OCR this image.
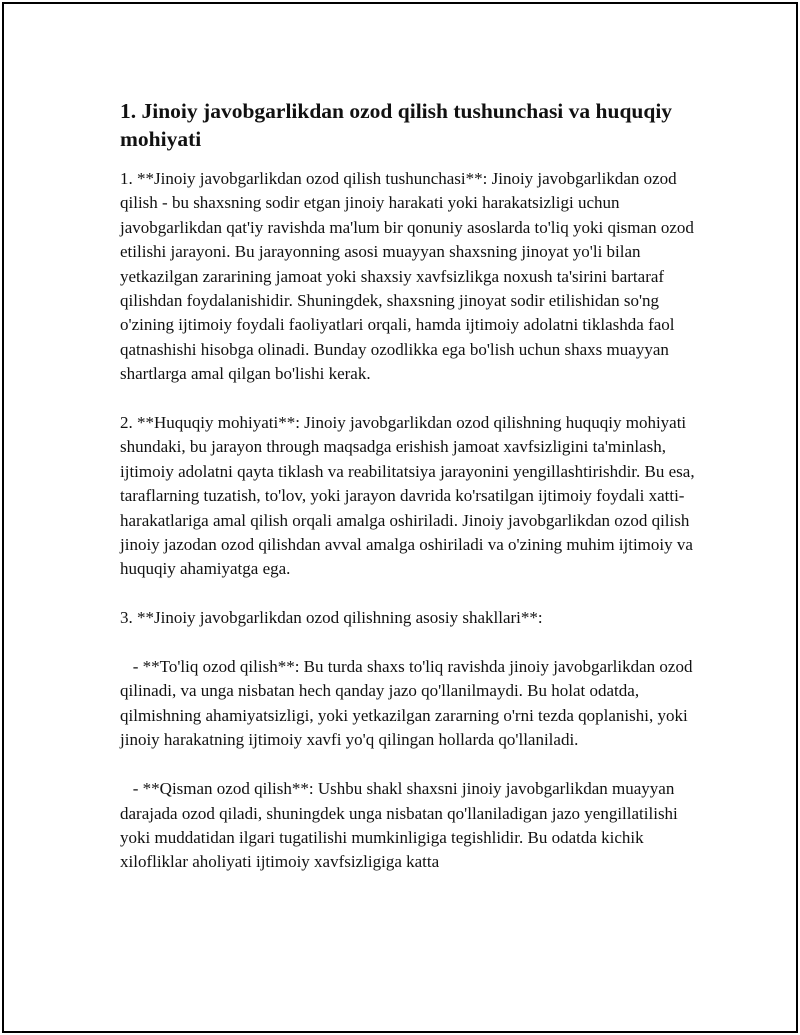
1. Jinoiy javobgarlikdan ozod qilish tushunchasi va huquqiy mohiyati

1. **Jinoiy javobgarlikdan ozod qilish tushunchasi**: Jinoiy javobgarlikdan ozod qilish - bu shaxsning sodir etgan jinoiy harakati yoki harakatsizligi uchun javobgarlikdan qat'iy ravishda ma'lum bir qonuniy asoslarda to'liq yoki qisman ozod etilishi jarayoni. Bu jarayonning asosi muayyan shaxsning jinoyat yo'li bilan yetkazilgan zararining jamoat yoki shaxsiy xavfsizlikga noxush ta'sirini bartaraf qilishdan foydalanishidir. Shuningdek, shaxsning jinoyat sodir etilishidan so'ng o'zining ijtimoiy foydali faoliyatlari orqali, hamda ijtimoiy adolatni tiklashda faol qatnashishi hisobga olinadi. Bunday ozodlikka ega bo'lish uchun shaxs muayyan shartlarga amal qilgan bo'lishi kerak.

2. **Huquqiy mohiyati**: Jinoiy javobgarlikdan ozod qilishning huquqiy mohiyati shundaki, bu jarayon through maqsadga erishish jamoat xavfsizligini ta'minlash, ijtimoiy adolatni qayta tiklash va reabilitatsiya jarayonini yengillashtirishdir. Bu esa, taraflarning tuzatish, to'lov, yoki jarayon davrida ko'rsatilgan ijtimoiy foydali xatti-harakatlariga amal qilish orqali amalga oshiriladi. Jinoiy javobgarlikdan ozod qilish jinoiy jazodan ozod qilishdan avval amalga oshiriladi va o'zining muhim ijtimoiy va huquqiy ahamiyatga ega.

3. **Jinoiy javobgarlikdan ozod qilishning asosiy shakllari**:

- **To'liq ozod qilish**: Bu turda shaxs to'liq ravishda jinoiy javobgarlikdan ozod qilinadi, va unga nisbatan hech qanday jazo qo'llanilmaydi. Bu holat odatda, qilmishning ahamiyatsizligi, yoki yetkazilgan zararning o'rni tezda qoplanishi, yoki jinoiy harakatning ijtimoiy xavfi yo'q qilingan hollarda qo'llaniladi.

- **Qisman ozod qilish**: Ushbu shakl shaxsni jinoiy javobgarlikdan muayyan darajada ozod qiladi, shuningdek unga nisbatan qo'llaniladigan jazo yengillatilishi yoki muddatidan ilgari tugatilishi mumkinligiga tegishlidir. Bu odatda kichik xilofliklar aholiyati ijtimoiy xavfsizligiga katta
